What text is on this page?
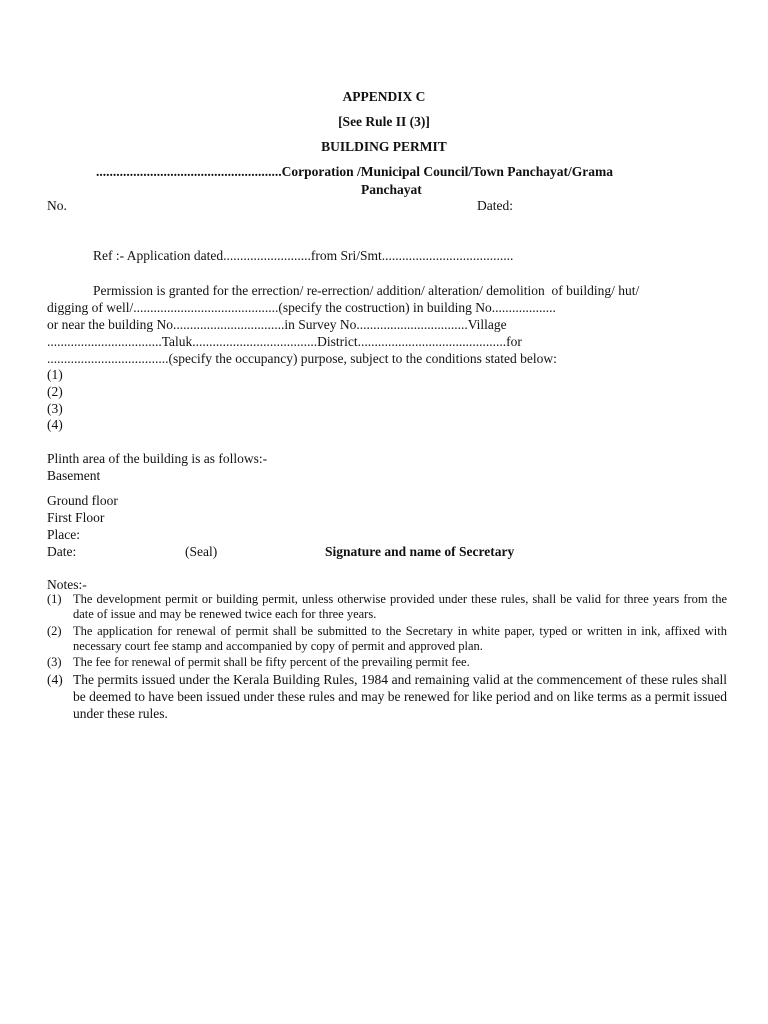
APPENDIX C
[See Rule II (3)]
BUILDING PERMIT
.......................................................Corporation /Municipal Council/Town Panchayat/Grama
Panchayat
No.	Dated:
Ref :- Application dated..........................from Sri/Smt.......................................
Permission is granted for the errection/ re-errection/ addition/ alteration/ demolition  of building/ hut/
digging of well/...........................................(specify the costruction) in building No...................
or near the building No.................................in Survey No.................................Village
..................................Taluk.....................................District............................................for
....................................(specify the occupancy) purpose, subject to the conditions stated below:
(1)
(2)
(3)
(4)
Plinth area of the building is as follows:-
Basement
Ground floor
First Floor
Place:
Date:	(Seal)	Signature and name of Secretary
Notes:-
(1) The development permit or building permit, unless otherwise provided under these rules, shall be valid for three years from the date of issue and may be renewed twice each for three years.
(2) The application for renewal of permit shall be submitted to the Secretary in white paper, typed or written in ink, affixed with necessary court fee stamp and accompanied by copy of permit and approved plan.
(3) The fee for renewal of permit shall be fifty percent of the prevailing permit fee.
(4) The permits issued under the Kerala Building Rules, 1984 and remaining valid at the commencement of these rules shall be deemed to have been issued under these rules and may be renewed for like period and on like terms as a permit issued under these rules.
